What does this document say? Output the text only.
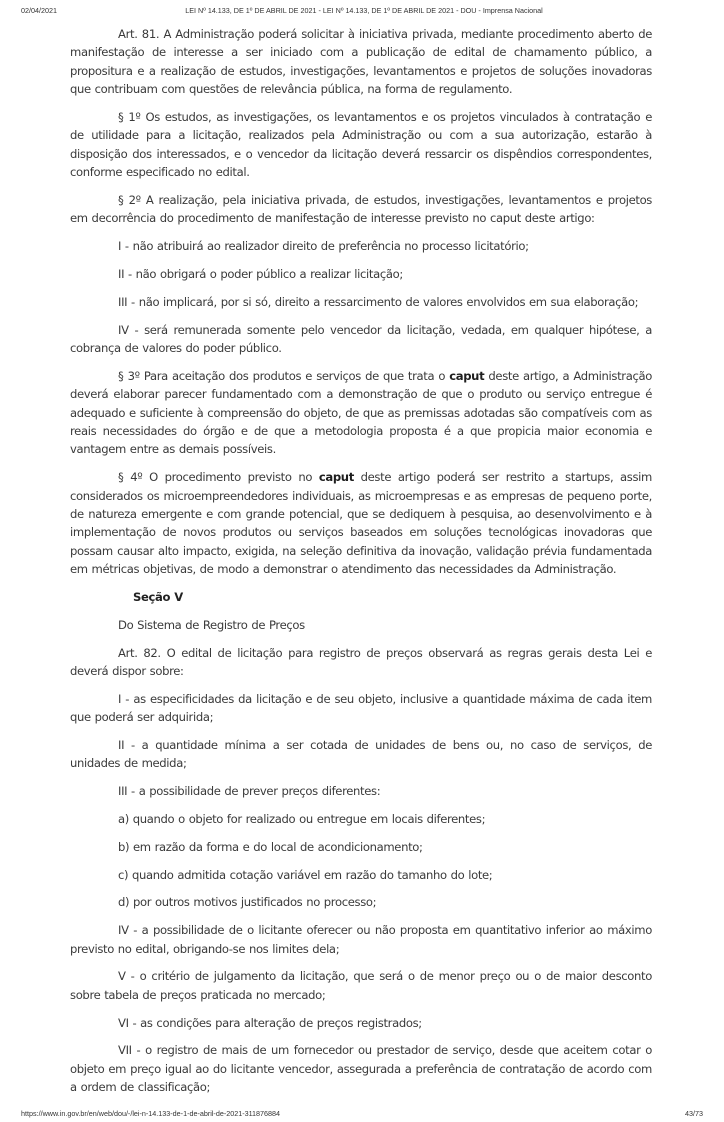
02/04/2021	LEI Nº 14.133, DE 1º DE ABRIL DE 2021 - LEI Nº 14.133, DE 1º DE ABRIL DE 2021 - DOU - Imprensa Nacional

Art. 81. A Administração poderá solicitar à iniciativa privada, mediante procedimento aberto de manifestação de interesse a ser iniciado com a publicação de edital de chamamento público, a propositura e a realização de estudos, investigações, levantamentos e projetos de soluções inovadoras que contribuam com questões de relevância pública, na forma de regulamento.

§ 1º Os estudos, as investigações, os levantamentos e os projetos vinculados à contratação e de utilidade para a licitação, realizados pela Administração ou com a sua autorização, estarão à disposição dos interessados, e o vencedor da licitação deverá ressarcir os dispêndios correspondentes, conforme especificado no edital.

§ 2º A realização, pela iniciativa privada, de estudos, investigações, levantamentos e projetos em decorrência do procedimento de manifestação de interesse previsto no caput deste artigo:

I - não atribuirá ao realizador direito de preferência no processo licitatório;

II - não obrigará o poder público a realizar licitação;

III - não implicará, por si só, direito a ressarcimento de valores envolvidos em sua elaboração;

IV - será remunerada somente pelo vencedor da licitação, vedada, em qualquer hipótese, a cobrança de valores do poder público.

§ 3º Para aceitação dos produtos e serviços de que trata o caput deste artigo, a Administração deverá elaborar parecer fundamentado com a demonstração de que o produto ou serviço entregue é adequado e suficiente à compreensão do objeto, de que as premissas adotadas são compatíveis com as reais necessidades do órgão e de que a metodologia proposta é a que propicia maior economia e vantagem entre as demais possíveis.

§ 4º O procedimento previsto no caput deste artigo poderá ser restrito a startups, assim considerados os microempreendedores individuais, as microempresas e as empresas de pequeno porte, de natureza emergente e com grande potencial, que se dediquem à pesquisa, ao desenvolvimento e à implementação de novos produtos ou serviços baseados em soluções tecnológicas inovadoras que possam causar alto impacto, exigida, na seleção definitiva da inovação, validação prévia fundamentada em métricas objetivas, de modo a demonstrar o atendimento das necessidades da Administração.

Seção V

Do Sistema de Registro de Preços

Art. 82. O edital de licitação para registro de preços observará as regras gerais desta Lei e deverá dispor sobre:

I - as especificidades da licitação e de seu objeto, inclusive a quantidade máxima de cada item que poderá ser adquirida;

II - a quantidade mínima a ser cotada de unidades de bens ou, no caso de serviços, de unidades de medida;

III - a possibilidade de prever preços diferentes:

a) quando o objeto for realizado ou entregue em locais diferentes;

b) em razão da forma e do local de acondicionamento;

c) quando admitida cotação variável em razão do tamanho do lote;

d) por outros motivos justificados no processo;

IV - a possibilidade de o licitante oferecer ou não proposta em quantitativo inferior ao máximo previsto no edital, obrigando-se nos limites dela;

V - o critério de julgamento da licitação, que será o de menor preço ou o de maior desconto sobre tabela de preços praticada no mercado;

VI - as condições para alteração de preços registrados;

VII - o registro de mais de um fornecedor ou prestador de serviço, desde que aceitem cotar o objeto em preço igual ao do licitante vencedor, assegurada a preferência de contratação de acordo com a ordem de classificação;

https://www.in.gov.br/en/web/dou/-/lei-n-14.133-de-1-de-abril-de-2021-311876884	43/73
